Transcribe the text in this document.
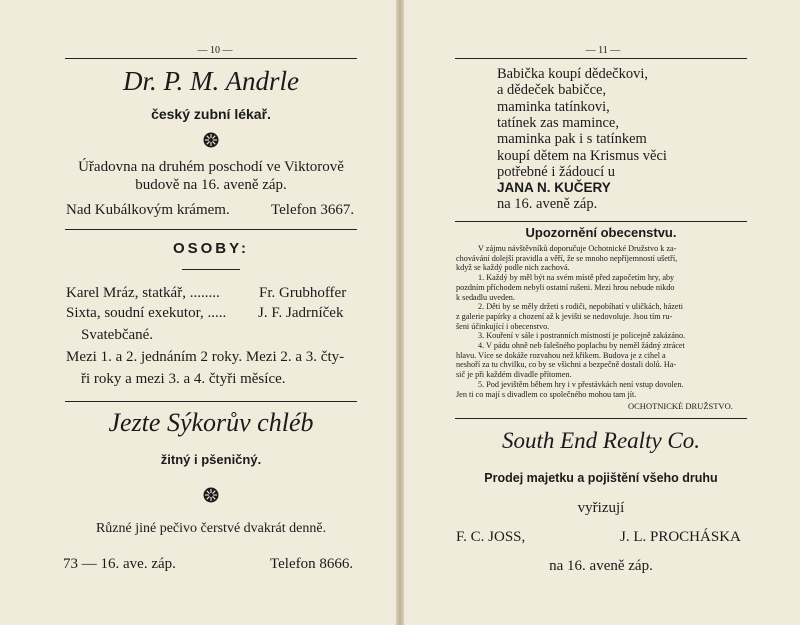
— 10 —
Dr. P. M. Andrle
český zubní lékař.
Úřadovna na druhém poschodí ve Viktorově
budově na 16. aveně záp.
Nad Kubálkovým krámem.	Telefon 3667.
OSOBY:
Karel Mráz, statkář, ........	Fr. Grubhoffer
Sixta, soudní exekutor, ..... J. F. Jadrníček
Svatebčané.
Mezi 1. a 2. jednáním 2 roky. Mezi 2. a 3. čty-
ři roky a mezi 3. a 4. čtyři měsíce.
Jezte Sýkorův chléb
žitný i pšeničný.
Různé jiné pečivo čerstvé dvakrát denně.
73 — 16. ave. záp.	Telefon 8666.
— 11 —
Babička koupí dědečkovi,
a dědeček babičce,
maminka tatínkovi,
tatínek zas mamince,
maminka pak i s tatínkem
koupí dětem na Krismus věci
potřebné i žádoucí u
JANA N. KUČERY
na 16. aveně záp.
Upozornění obecenstvu.
V zájmu návštěvníků doporučuje Ochotnické Družstvo k za-
chovávání dolejší pravidla a věří, že se mnoho nepříjemností ušetří,
když se každý podle nich zachová.
1. Každý by měl být na svém místě před započetím hry, aby
pozdním příchodem nebyli ostatní rušeni. Mezi hrou nebude nikdo
k sedadlu uveden.
2. Děti by se měly držeti s rodiči, nepobíhatí v uličkách, házeti
z galerie papírky a chození až k jevišti se nedovoluje. Jsou tím ru-
šeni účinkující i obecenstvo.
3. Kouření v sále i postranních místností je policejně zakázáno.
4. V pádu ohně neb falešného poplachu by neměl žádný ztrácet
hlavu. Více se dokáže rozvahou než křikem. Budova je z cihel a
neshoří za tu chvilku, co by se všichni a bezpečně dostali dolů. Ha-
sič je při každém divadle přítomen.
5. Pod jevištěm během hry i v přestávkách není vstup dovolen.
Jen ti co mají s divadlem co společného mohou tam jít.
OCHOTNICKÉ DRUŽSTVO.
South End Realty Co.
Prodej majetku a pojištění všeho druhu
vyřizují
F. C. JOSS,	J. L. PROCHÁSKA
na 16. aveně záp.
